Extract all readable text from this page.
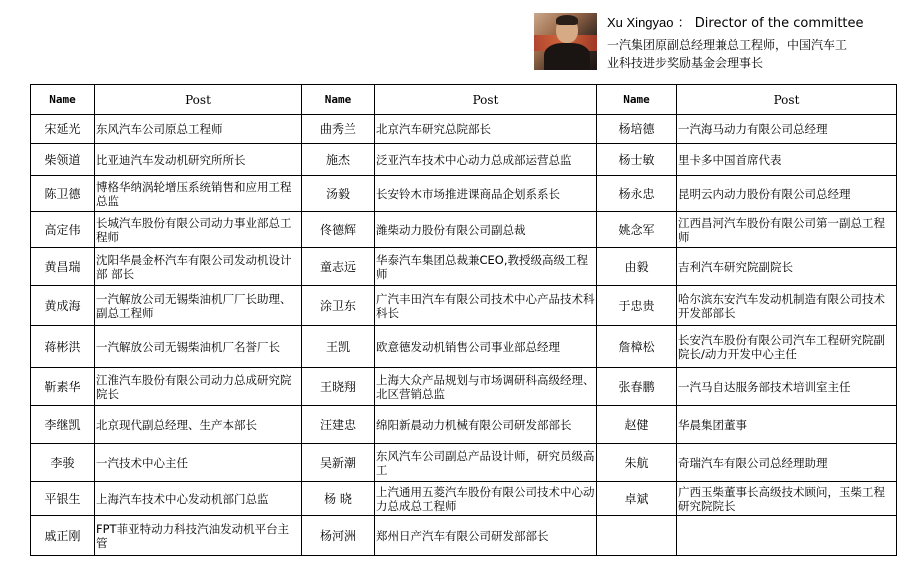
Xu Xingyao ： Director of the committee
一汽集团原副总经理兼总工程师，中国汽车工
业科技进步奖励基金会理事长
Name	Post	Name	Post	Name	Post
宋延光	东风汽车公司原总工程师	曲秀兰	北京汽车研究总院部长	杨培德	一汽海马动力有限公司总经理
柴领道	比亚迪汽车发动机研究所所长	施杰	泛亚汽车技术中心动力总成部运营总监	杨士敏	里卡多中国首席代表
陈卫德	博格华纳涡轮增压系统销售和应用工程总监	汤毅	长安铃木市场推进课商品企划系系长	杨永忠	昆明云内动力股份有限公司总经理
高定伟	长城汽车股份有限公司动力事业部总工程师	佟德辉	潍柴动力股份有限公司副总裁	姚念军	江西昌河汽车股份有限公司第一副总工程师
黄昌瑞	沈阳华晨金杯汽车有限公司发动机设计部 部长	童志远	华泰汽车集团总裁兼CEO,教授级高级工程师	由毅	吉利汽车研究院副院长
黄成海	一汽解放公司无锡柴油机厂厂长助理、副总工程师	涂卫东	广汽丰田汽车有限公司技术中心产品技术科科长	于忠贵	哈尔滨东安汽车发动机制造有限公司技术开发部部长
蒋彬洪	一汽解放公司无锡柴油机厂名誉厂长	王凯	欧意德发动机销售公司事业部总经理	詹樟松	长安汽车股份有限公司汽车工程研究院副院长/动力开发中心主任
靳素华	江淮汽车股份有限公司动力总成研究院院长	王晓翔	上海大众产品规划与市场调研科高级经理、北区营销总监	张春鹏	一汽马自达服务部技术培训室主任
李继凯	北京现代副总经理、生产本部长	汪建忠	绵阳新晨动力机械有限公司研发部部长	赵健	华晨集团董事
李骏	一汽技术中心主任	吴新潮	东风汽车公司副总产品设计师，研究员级高工	朱航	奇瑞汽车有限公司总经理助理
平银生	上海汽车技术中心发动机部门总监	杨 晓	上汽通用五菱汽车股份有限公司技术中心动力总成总工程师	卓斌	广西玉柴董事长高级技术顾问，玉柴工程研究院院长
戚正刚	FPT菲亚特动力科技汽油发动机平台主管	杨河洲	郑州日产汽车有限公司研发部部长		
